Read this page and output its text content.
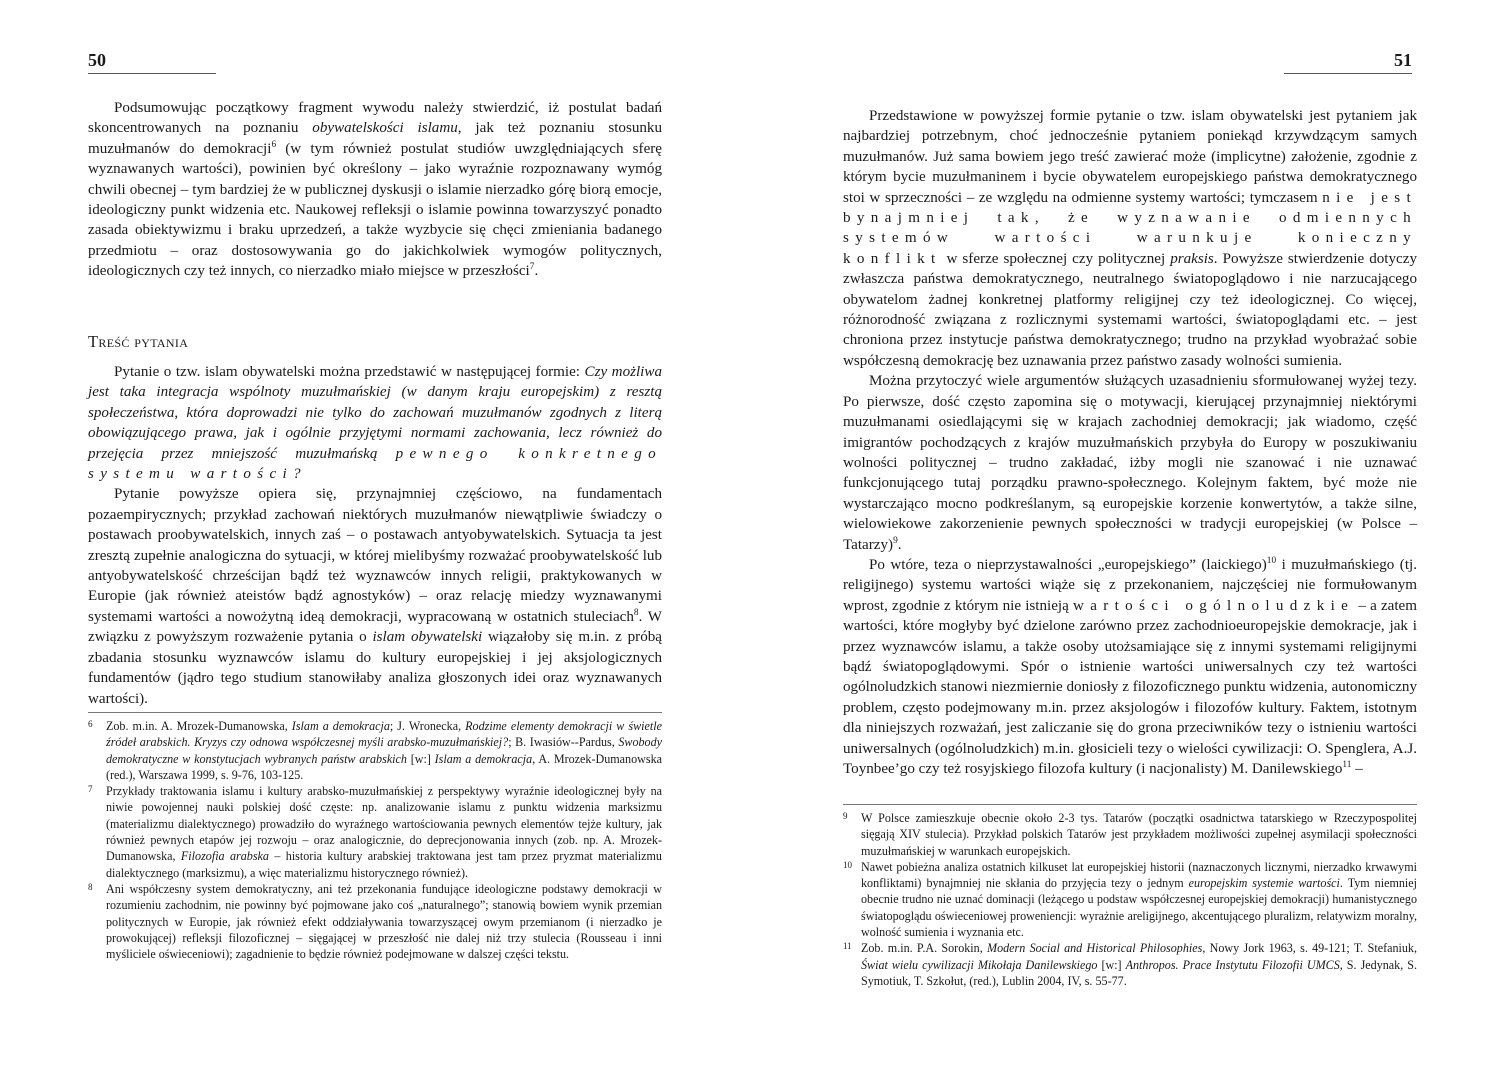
50

Podsumowując początkowy fragment wywodu należy stwierdzić, iż postulat badań skoncentrowanych na poznaniu obywatelskości islamu, jak też poznaniu stosunku muzułmanów do demokracji$^6$ (w tym również postulat studiów uwzględniających sferę wyznawanych wartości), powinien być określony – jako wyraźnie rozpoznawany wymóg chwili obecnej – tym bardziej że w publicznej dyskusji o islamie nierzadko górę biorą emocje, ideologiczny punkt widzenia etc. Naukowej refleksji o islamie powinna towarzyszyć ponadto zasada obiektywizmu i braku uprzedzeń, a także wyzbycie się chęci zmieniania badanego przedmiotu – oraz dostosowywania go do jakichkolwiek wymogów politycznych, ideologicznych czy też innych, co nierzadko miało miejsce w przeszłości$^7$.

Treść pytania

Pytanie o tzw. islam obywatelski można przedstawić w następującej formie: Czy możliwa jest taka integracja wspólnoty muzułmańskiej (w danym kraju europejskim) z resztą społeczeństwa, która doprowadzi nie tylko do zachowań muzułmanów zgodnych z literą obowiązującego prawa, jak i ogólnie przyjętymi normami zachowania, lecz również do przejęcia przez mniejszość muzułmańską pewnego konkretnego systemu wartości?

Pytanie powyższe opiera się, przynajmniej częściowo, na fundamentach pozaempirycznych; przykład zachowań niektórych muzułmanów niewątpliwie świadczy o postawach proobywatelskich, innych zaś – o postawach antyobywatelskich. Sytuacja ta jest zresztą zupełnie analogiczna do sytuacji, w której mielibyśmy rozważać proobywatelskość lub antyobywatelskość chrześcijan bądź też wyznawców innych religii, praktykowanych w Europie (jak również ateistów bądź agnostyków) – oraz relację miedzy wyznawanymi systemami wartości a nowożytną ideą demokracji, wypracowaną w ostatnich stuleciach$^8$. W związku z powyższym rozważenie pytania o islam obywatelski wiązałoby się m.in. z próbą zbadania stosunku wyznawców islamu do kultury europejskiej i jej aksjologicznych fundamentów (jądro tego studium stanowiłaby analiza głoszonych idei oraz wyznawanych wartości).

6 Zob. m.in. A. Mrozek-Dumanowska, Islam a demokracja; J. Wronecka, Rodzime elementy demokracji w świetle źródeł arabskich. Kryzys czy odnowa współczesnej myśli arabsko-muzułmańskiej?; B. Iwasiów-‑Pardus, Swobody demokratyczne w konstytucjach wybranych państw arabskich [w:] Islam a demokracja, A. Mrozek-Dumanowska (red.), Warszawa 1999, s. 9-76, 103-125.

7 Przykłady traktowania islamu i kultury arabsko-muzułmańskiej z perspektywy wyraźnie ideologicznej były na niwie powojennej nauki polskiej dość częste: np. analizowanie islamu z punktu widzenia marksizmu (materializmu dialektycznego) prowadziło do wyraźnego wartościowania pewnych elementów tejże kultury, jak również pewnych etapów jej rozwoju – oraz analogicznie, do deprecjonowania innych (zob. np. A. Mrozek-Dumanowska, Filozofia arabska – historia kultury arabskiej traktowana jest tam przez pryzmat materializmu dialektycznego (marksizmu), a więc materializmu historycznego również).

8 Ani współczesny system demokratyczny, ani też przekonania fundujące ideologiczne podstawy demokracji w rozumieniu zachodnim, nie powinny być pojmowane jako coś „naturalnego”; stanowią bowiem wynik przemian politycznych w Europie, jak również efekt oddziaływania towarzyszącej owym przemianom (i nierzadko je prowokującej) refleksji filozoficznej – sięgającej w przeszłość nie dalej niż trzy stulecia (Rousseau i inni myśliciele oświeceniowi); zagadnienie to będzie również podejmowane w dalszej części tekstu.

51

Przedstawione w powyższej formie pytanie o tzw. islam obywatelski jest pytaniem jak najbardziej potrzebnym, choć jednocześnie pytaniem poniekąd krzywdzącym samych muzułmanów. Już sama bowiem jego treść zawierać może (implicytne) założenie, zgodnie z którym bycie muzułmaninem i bycie obywatelem europejskiego państwa demokratycznego stoi w sprzeczności – ze względu na odmienne systemy wartości; tymczasem nie jest bynajmniej tak, że wyznawanie odmiennych systemów wartości warunkuje konieczny konflikt w sferze społecznej czy politycznej praksis. Powyższe stwierdzenie dotyczy zwłaszcza państwa demokratycznego, neutralnego światopoglądowo i nie narzucającego obywatelom żadnej konkretnej platformy religijnej czy też ideologicznej. Co więcej, różnorodność związana z rozlicznymi systemami wartości, światopoglądami etc. – jest chroniona przez instytucje państwa demokratycznego; trudno na przykład wyobrażać sobie współczesną demokrację bez uznawania przez państwo zasady wolności sumienia.

Można przytoczyć wiele argumentów służących uzasadnieniu sformułowanej wyżej tezy. Po pierwsze, dość często zapomina się o motywacji, kierującej przynajmniej niektórymi muzułmanami osiedlającymi się w krajach zachodniej demokracji; jak wiadomo, część imigrantów pochodzących z krajów muzułmańskich przybyła do Europy w poszukiwaniu wolności politycznej – trudno zakładać, iżby mogli nie szanować i nie uznawać funkcjonującego tutaj porządku prawno-społecznego. Kolejnym faktem, być może nie wystarczająco mocno podkreślanym, są europejskie korzenie konwertytów, a także silne, wielowiekowe zakorzenienie pewnych społeczności w tradycji europejskiej (w Polsce – Tatarzy)$^9$.

Po wtóre, teza o nieprzystawalności „europejskiego” (laickiego)$^{10}$ i muzułmańskiego (tj. religijnego) systemu wartości wiąże się z przekonaniem, najczęściej nie formułowanym wprost, zgodnie z którym nie istnieją wartości ogólnoludzkie – a zatem wartości, które mogłyby być dzielone zarówno przez zachodnioeuropejskie demokracje, jak i przez wyznawców islamu, a także osoby utożsamiające się z innymi systemami religijnymi bądź światopoglądowymi. Spór o istnienie wartości uniwersalnych czy też wartości ogólnoludzkich stanowi niezmiernie doniosły z filozoficznego punktu widzenia, autonomiczny problem, często podejmowany m.in. przez aksjologów i filozofów kultury. Faktem, istotnym dla niniejszych rozważań, jest zaliczanie się do grona przeciwników tezy o istnieniu wartości uniwersalnych (ogólnoludzkich) m.in. głosicieli tezy o wielości cywilizacji: O. Spenglera, A.J. Toynbee’go czy też rosyjskiego filozofa kultury (i nacjonalisty) M. Danilewskiego$^{11}$ –

9 W Polsce zamieszkuje obecnie około 2-3 tys. Tatarów (początki osadnictwa tatarskiego w Rzeczypospolitej sięgają XIV stulecia). Przykład polskich Tatarów jest przykładem możliwości zupełnej asymilacji społeczności muzułmańskiej w warunkach europejskich.

10 Nawet pobieżna analiza ostatnich kilkuset lat europejskiej historii (naznaczonych licznymi, nierzadko krwawymi konfliktami) bynajmniej nie skłania do przyjęcia tezy o jednym europejskim systemie wartości. Tym niemniej obecnie trudno nie uznać dominacji (leżącego u podstaw współczesnej europejskiej demokracji) humanistycznego światopoglądu oświeceniowej proweniencji: wyrażnie areligijnego, akcentującego pluralizm, relatywizm moralny, wolność sumienia i wyznania etc.

11 Zob. m.in. P.A. Sorokin, Modern Social and Historical Philosophies, Nowy Jork 1963, s. 49-121; T. Stefaniuk, Świat wielu cywilizacji Mikołaja Danilewskiego [w:] Anthropos. Prace Instytutu Filozofii UMCS, S. Jedynak, S. Symotiuk, T. Szkołut, (red.), Lublin 2004, IV, s. 55-77.
